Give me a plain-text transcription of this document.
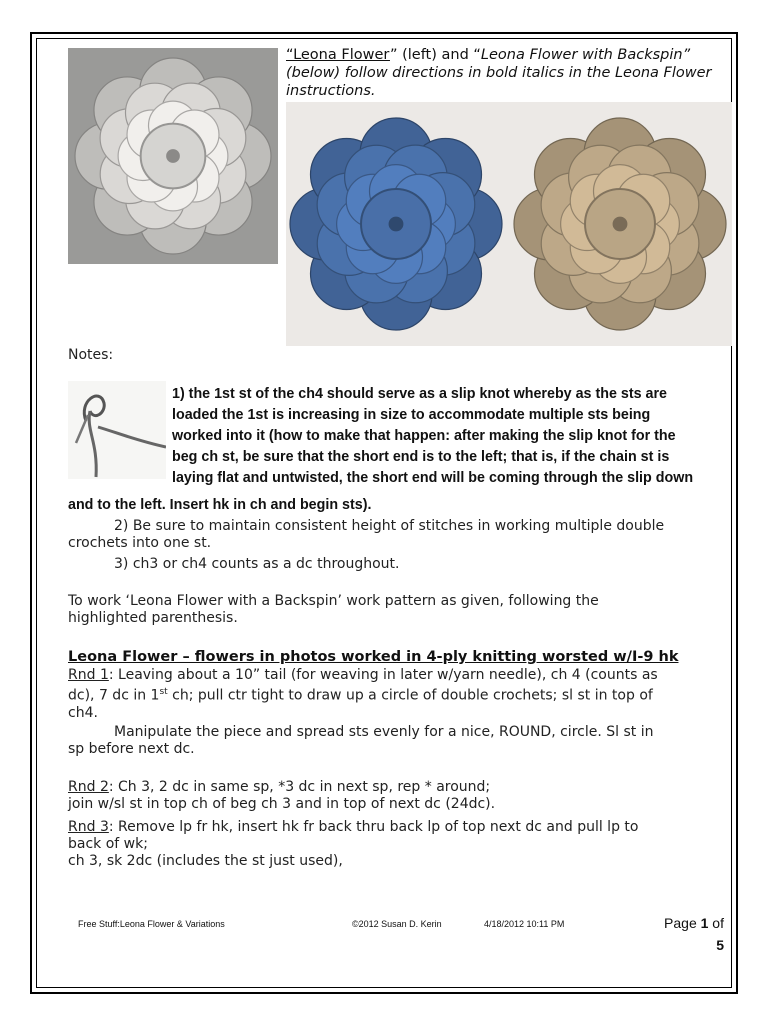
“Leona Flower” (left) and “Leona Flower with Backspin” (below) follow directions in bold italics in the Leona Flower instructions.
Notes:
1) the 1st st of the ch4 should serve as a slip knot whereby as the sts are
loaded the 1st is increasing in size to accommodate multiple sts being
worked into it (how to make that happen: after making the slip knot for the
beg ch st, be sure that the short end is to the left; that is, if the chain st is
laying flat and untwisted, the short end will be coming through the slip down
and to the left. Insert hk in ch and begin sts).
2) Be sure to maintain consistent height of stitches in working multiple double
crochets into one st.
3) ch3 or ch4 counts as a dc throughout.
To work ‘Leona Flower with a Backspin’ work pattern as given, following the
highlighted parenthesis.
Leona Flower – flowers in photos worked in 4-ply knitting worsted w/I-9 hk
Rnd 1: Leaving about a 10” tail (for weaving in later w/yarn needle), ch 4 (counts as
dc), 7 dc in 1st ch; pull ctr tight to draw up a circle of double crochets; sl st in top of
ch4.
Manipulate the piece and spread sts evenly for a nice, ROUND, circle. Sl st in
sp before next dc.
Rnd 2: Ch 3, 2 dc in same sp, *3 dc in next sp, rep * around;
join w/sl st in top ch of beg ch 3 and in top of next dc (24dc).
Rnd 3: Remove lp fr hk, insert hk fr back thru back lp of top next dc and pull lp to
back of wk;
ch 3, sk 2dc (includes the st just used),
Free Stuff:Leona Flower & Variations	©2012 Susan D. Kerin	4/18/2012 10:11 PM	Page 1 of
5
